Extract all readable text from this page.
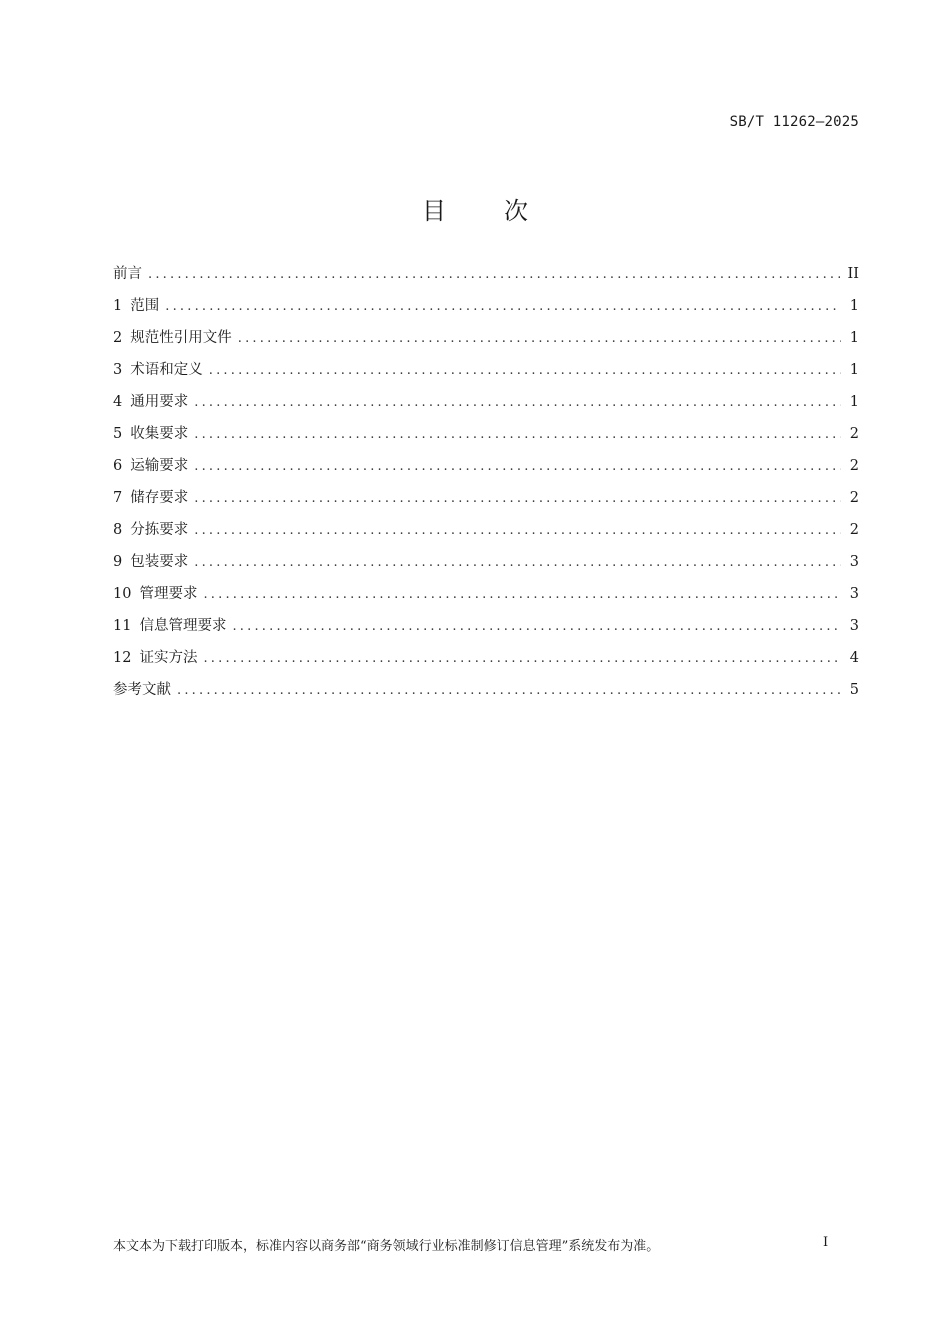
SB/T 11262—2025
目次
前言 .....	II
1 范围 .....	1
2 规范性引用文件 .....	1
3 术语和定义 .....	1
4 通用要求 .....	1
5 收集要求 .....	2
6 运输要求 .....	2
7 储存要求 .....	2
8 分拣要求 .....	2
9 包装要求 .....	3
10 管理要求 .....	3
11 信息管理要求 .....	3
12 证实方法 .....	4
参考文献 .....	5
本文本为下载打印版本，标准内容以商务部“商务领域行业标准制修订信息管理”系统发布为准。	I
